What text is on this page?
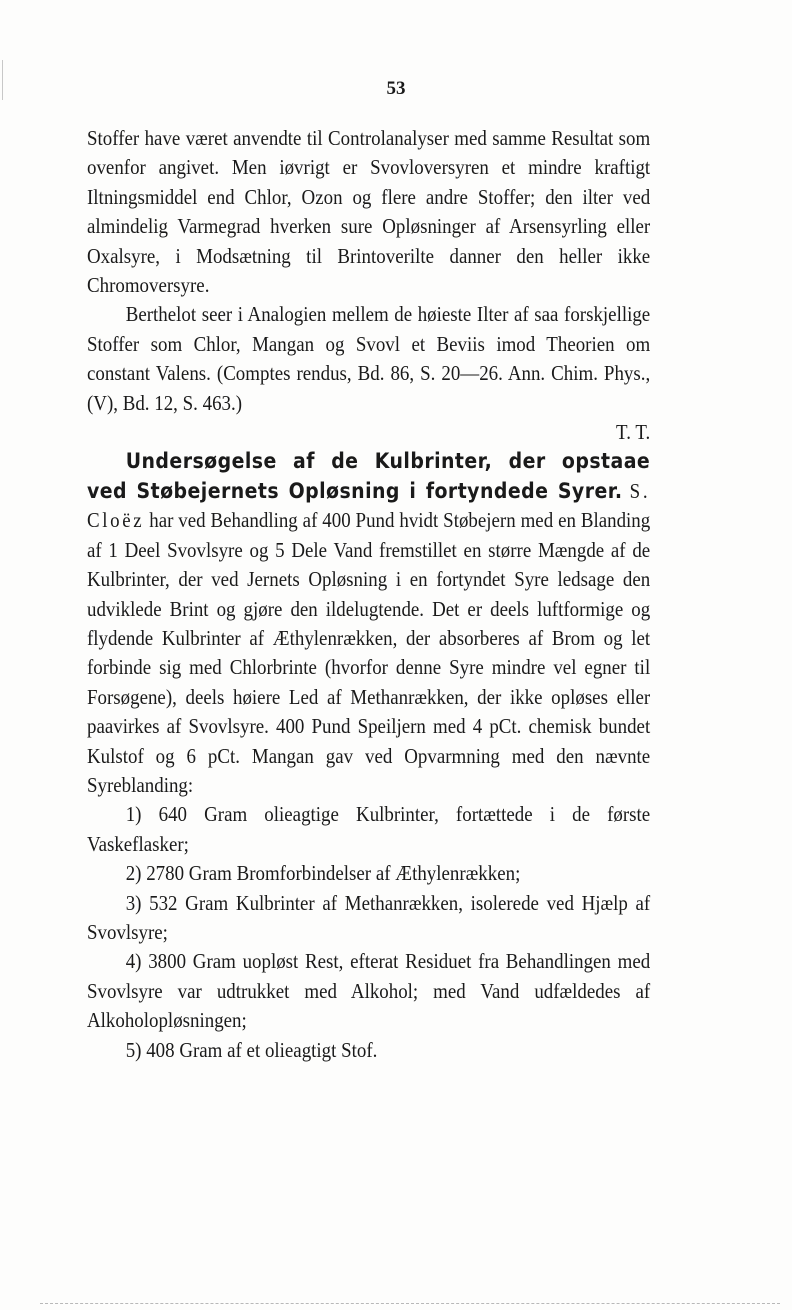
53

Stoffer have været anvendte til Controlanalyser med samme Resultat som ovenfor angivet. Men iøvrigt er Svovloversyren et mindre kraftigt Iltningsmiddel end Chlor, Ozon og flere andre Stoffer; den ilter ved almindelig Varmegrad hverken sure Opløsninger af Arsensyrling eller Oxalsyre, i Modsætning til Brintoverilte danner den heller ikke Chromoversyre.

Berthelot seer i Analogien mellem de høieste Ilter af saa forskjellige Stoffer som Chlor, Mangan og Svovl et Beviis imod Theorien om constant Valens. (Comptes rendus, Bd. 86, S. 20—26. Ann. Chim. Phys., (V), Bd. 12, S. 463.)

T. T.

Undersøgelse af de Kulbrinter, der opstaae ved Støbejernets Opløsning i fortyndede Syrer. S. Cloëz har ved Behandling af 400 Pund hvidt Støbejern med en Blanding af 1 Deel Svovlsyre og 5 Dele Vand fremstillet en større Mængde af de Kulbrinter, der ved Jernets Opløsning i en fortyndet Syre ledsage den udviklede Brint og gjøre den ildelugtende. Det er deels luftformige og flydende Kulbrinter af Æthylenrækken, der absorberes af Brom og let forbinde sig med Chlorbrinte (hvorfor denne Syre mindre vel egner til Forsøgene), deels høiere Led af Methanrækken, der ikke opløses eller paavirkes af Svovlsyre. 400 Pund Speiljern med 4 pCt. chemisk bundet Kulstof og 6 pCt. Mangan gav ved Opvarmning med den nævnte Syreblanding:

1) 640 Gram olieagtige Kulbrinter, fortættede i de første Vaskeflasker;

2) 2780 Gram Bromforbindelser af Æthylenrækken;

3) 532 Gram Kulbrinter af Methanrækken, isolerede ved Hjælp af Svovlsyre;

4) 3800 Gram uopløst Rest, efterat Residuet fra Behandlingen med Svovlsyre var udtrukket med Alkohol; med Vand udfældedes af Alkoholopløsningen;

5) 408 Gram af et olieagtigt Stof.
